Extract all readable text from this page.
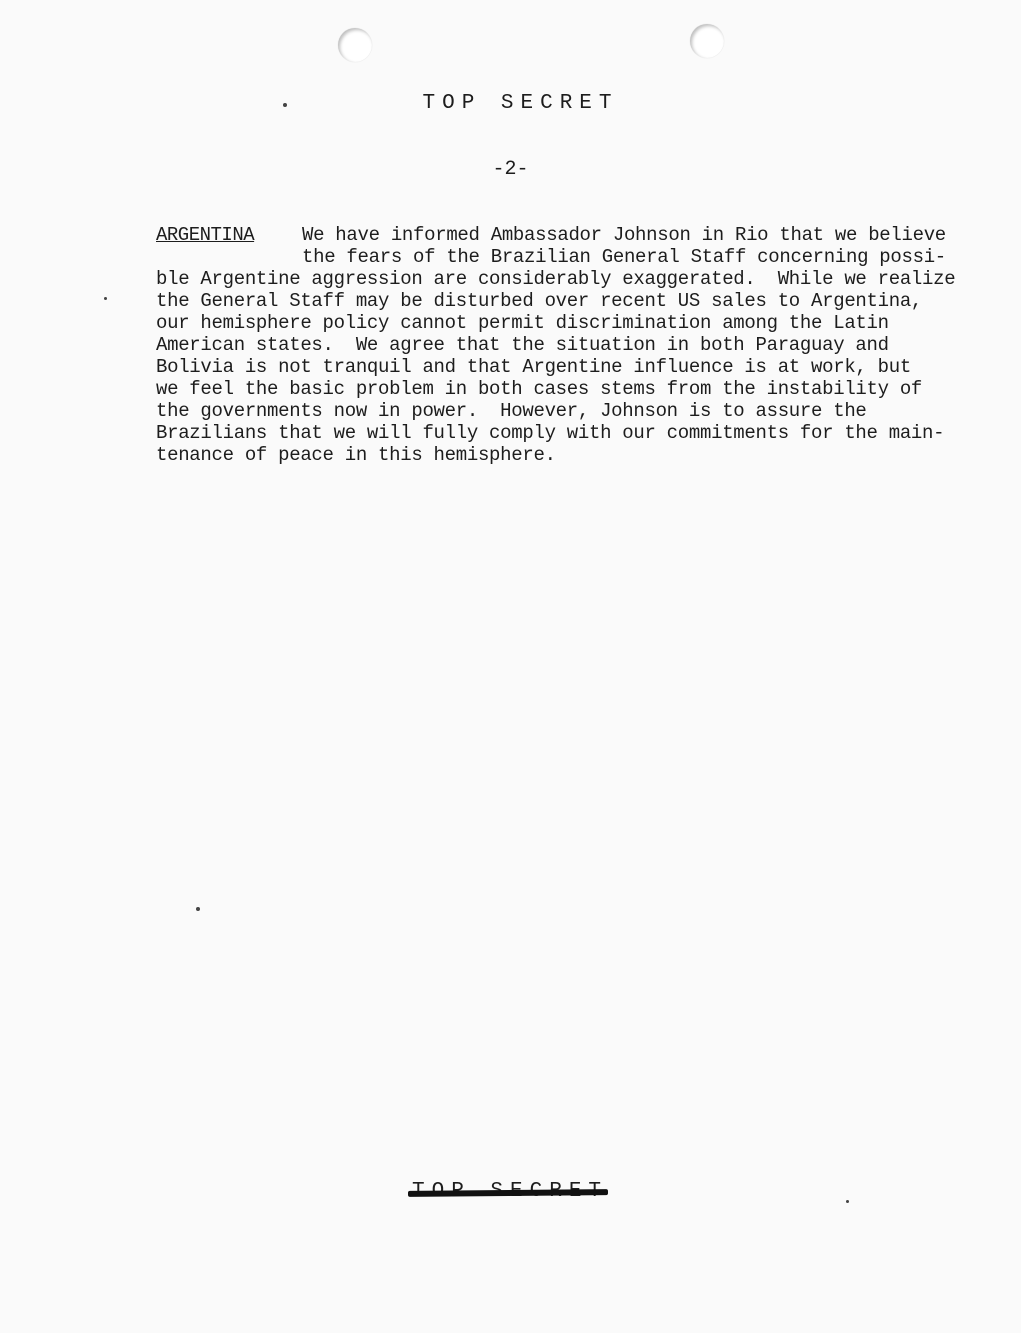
TOP SECRET
-2-
ARGENTINA	We have informed Ambassador Johnson in Rio that we believe
the fears of the Brazilian General Staff concerning possi-
ble Argentine aggression are considerably exaggerated.  While we realize
the General Staff may be disturbed over recent US sales to Argentina,
our hemisphere policy cannot permit discrimination among the Latin
American states.  We agree that the situation in both Paraguay and
Bolivia is not tranquil and that Argentine influence is at work, but
we feel the basic problem in both cases stems from the instability of
the governments now in power.  However, Johnson is to assure the
Brazilians that we will fully comply with our commitments for the main-
tenance of peace in this hemisphere.
